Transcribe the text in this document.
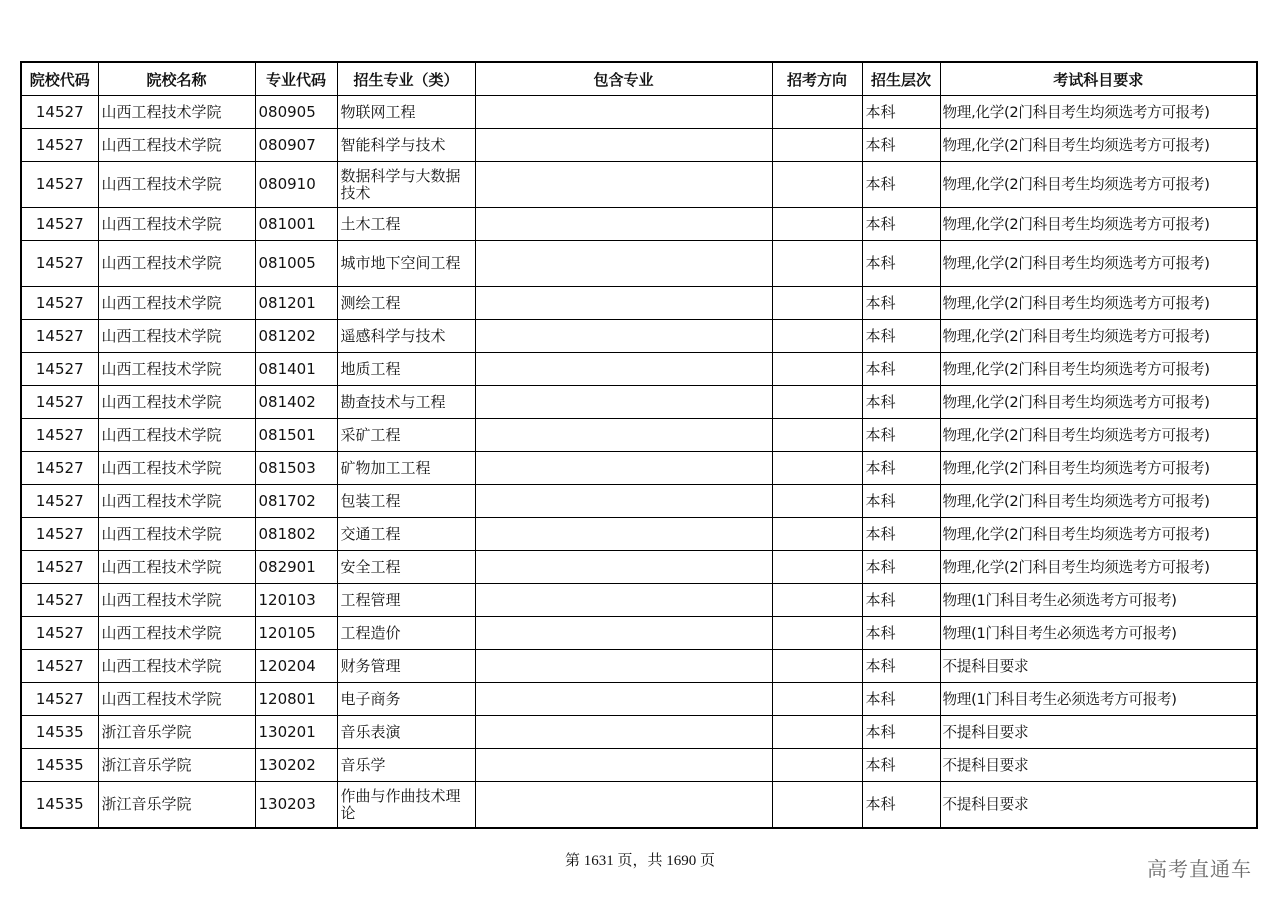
院校代码	院校名称	专业代码	招生专业（类）	包含专业	招考方向	招生层次	考试科目要求
14527	山西工程技术学院	080905	物联网工程			本科	物理,化学(2门科目考生均须选考方可报考)
14527	山西工程技术学院	080907	智能科学与技术			本科	物理,化学(2门科目考生均须选考方可报考)
14527	山西工程技术学院	080910	数据科学与大数据技术			本科	物理,化学(2门科目考生均须选考方可报考)
14527	山西工程技术学院	081001	土木工程			本科	物理,化学(2门科目考生均须选考方可报考)
14527	山西工程技术学院	081005	城市地下空间工程			本科	物理,化学(2门科目考生均须选考方可报考)
14527	山西工程技术学院	081201	测绘工程			本科	物理,化学(2门科目考生均须选考方可报考)
14527	山西工程技术学院	081202	遥感科学与技术			本科	物理,化学(2门科目考生均须选考方可报考)
14527	山西工程技术学院	081401	地质工程			本科	物理,化学(2门科目考生均须选考方可报考)
14527	山西工程技术学院	081402	勘查技术与工程			本科	物理,化学(2门科目考生均须选考方可报考)
14527	山西工程技术学院	081501	采矿工程			本科	物理,化学(2门科目考生均须选考方可报考)
14527	山西工程技术学院	081503	矿物加工工程			本科	物理,化学(2门科目考生均须选考方可报考)
14527	山西工程技术学院	081702	包装工程			本科	物理,化学(2门科目考生均须选考方可报考)
14527	山西工程技术学院	081802	交通工程			本科	物理,化学(2门科目考生均须选考方可报考)
14527	山西工程技术学院	082901	安全工程			本科	物理,化学(2门科目考生均须选考方可报考)
14527	山西工程技术学院	120103	工程管理			本科	物理(1门科目考生必须选考方可报考)
14527	山西工程技术学院	120105	工程造价			本科	物理(1门科目考生必须选考方可报考)
14527	山西工程技术学院	120204	财务管理			本科	不提科目要求
14527	山西工程技术学院	120801	电子商务			本科	物理(1门科目考生必须选考方可报考)
14535	浙江音乐学院	130201	音乐表演			本科	不提科目要求
14535	浙江音乐学院	130202	音乐学			本科	不提科目要求
14535	浙江音乐学院	130203	作曲与作曲技术理论			本科	不提科目要求
第 1631 页，共 1690 页	高考直通车
